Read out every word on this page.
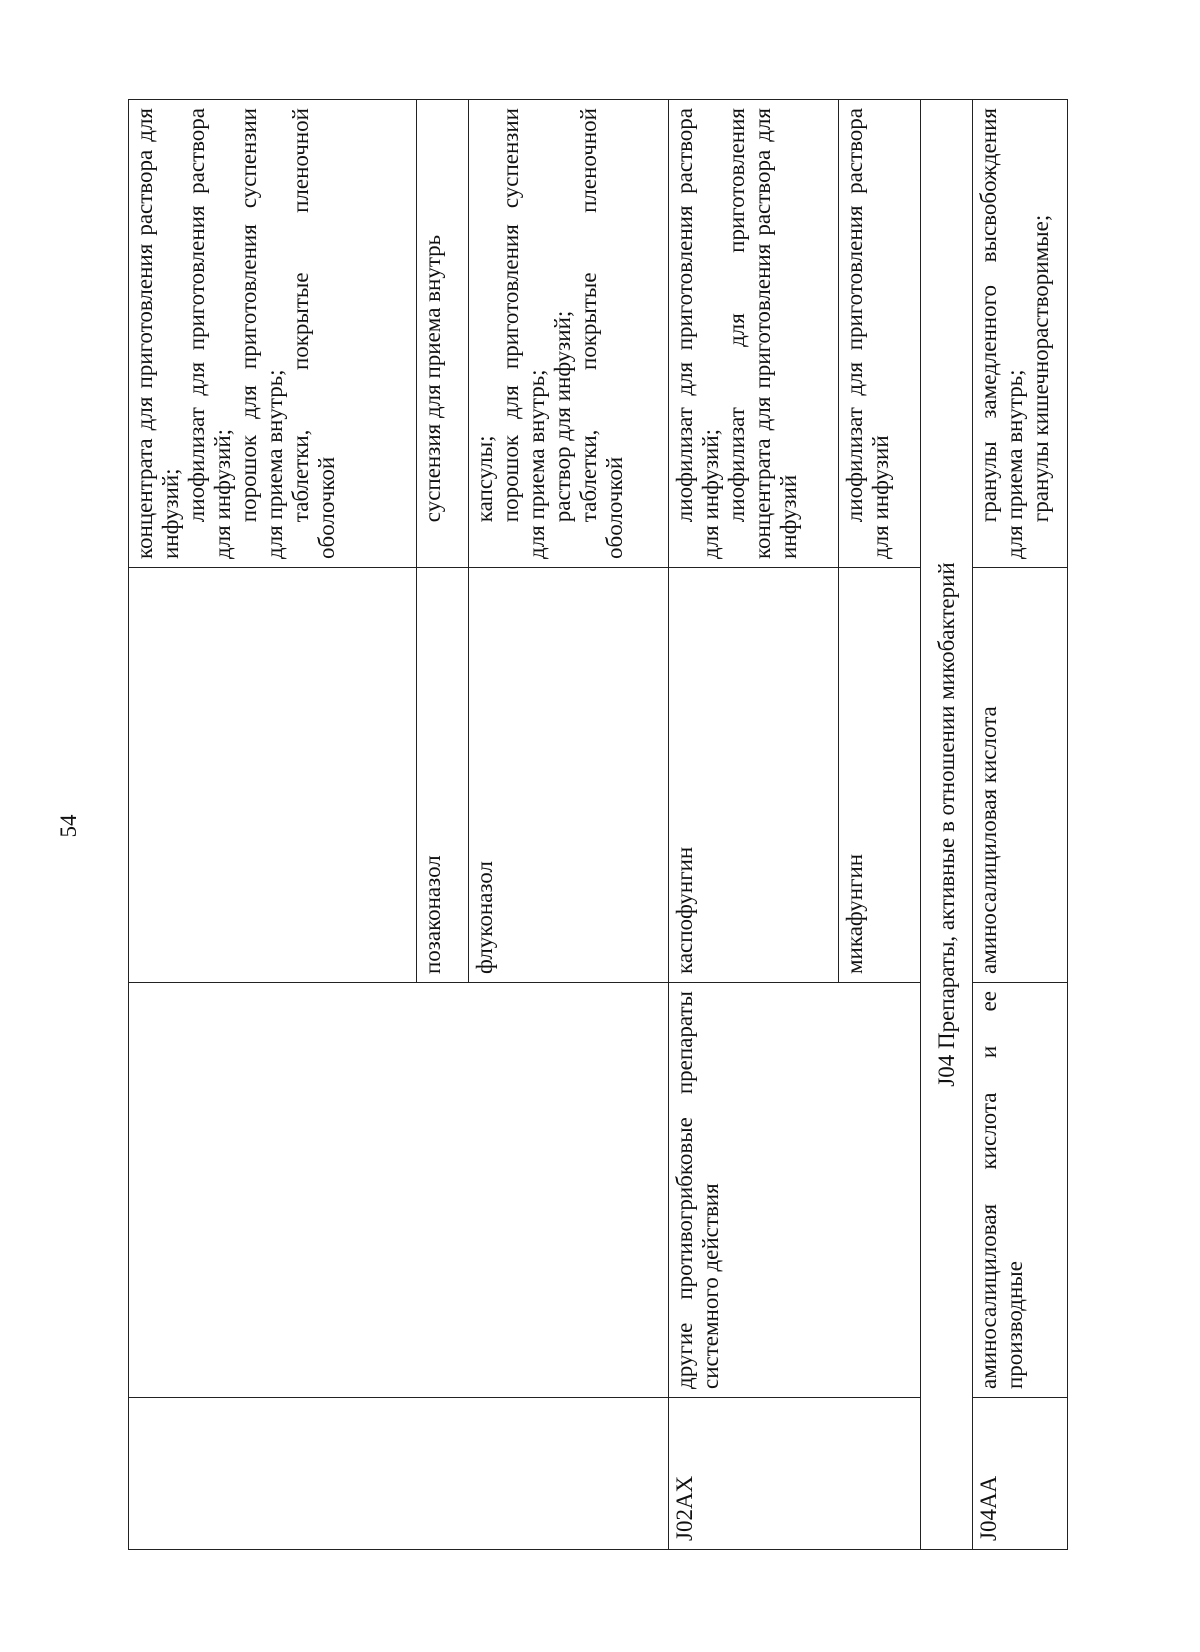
54

			концентрата для приготовления раствора для инфузий; лиофилизат для приготовления раствора для инфузий; порошок для приготовления суспензии для приема внутрь; таблетки, покрытые пленочной оболочкой

		позаконазол	суспензия для приема внутрь

		флуконазол	капсулы; порошок для приготовления суспензии для приема внутрь; раствор для инфузий; таблетки, покрытые пленочной оболочкой

J02AX	другие противогрибковые препараты системного действия	каспофунгин	лиофилизат для приготовления раствора для инфузий; лиофилизат для приготовления концентрата для приготовления раствора для инфузий

		микафунгин	лиофилизат для приготовления раствора для инфузий

J04 Препараты, активные в отношении микобактерий			
J04AA	аминосалициловая кислота и ее производные	аминосалициловая кислота	гранулы замедленного высвобождения для приема внутрь; гранулы кишечнорастворимые;
